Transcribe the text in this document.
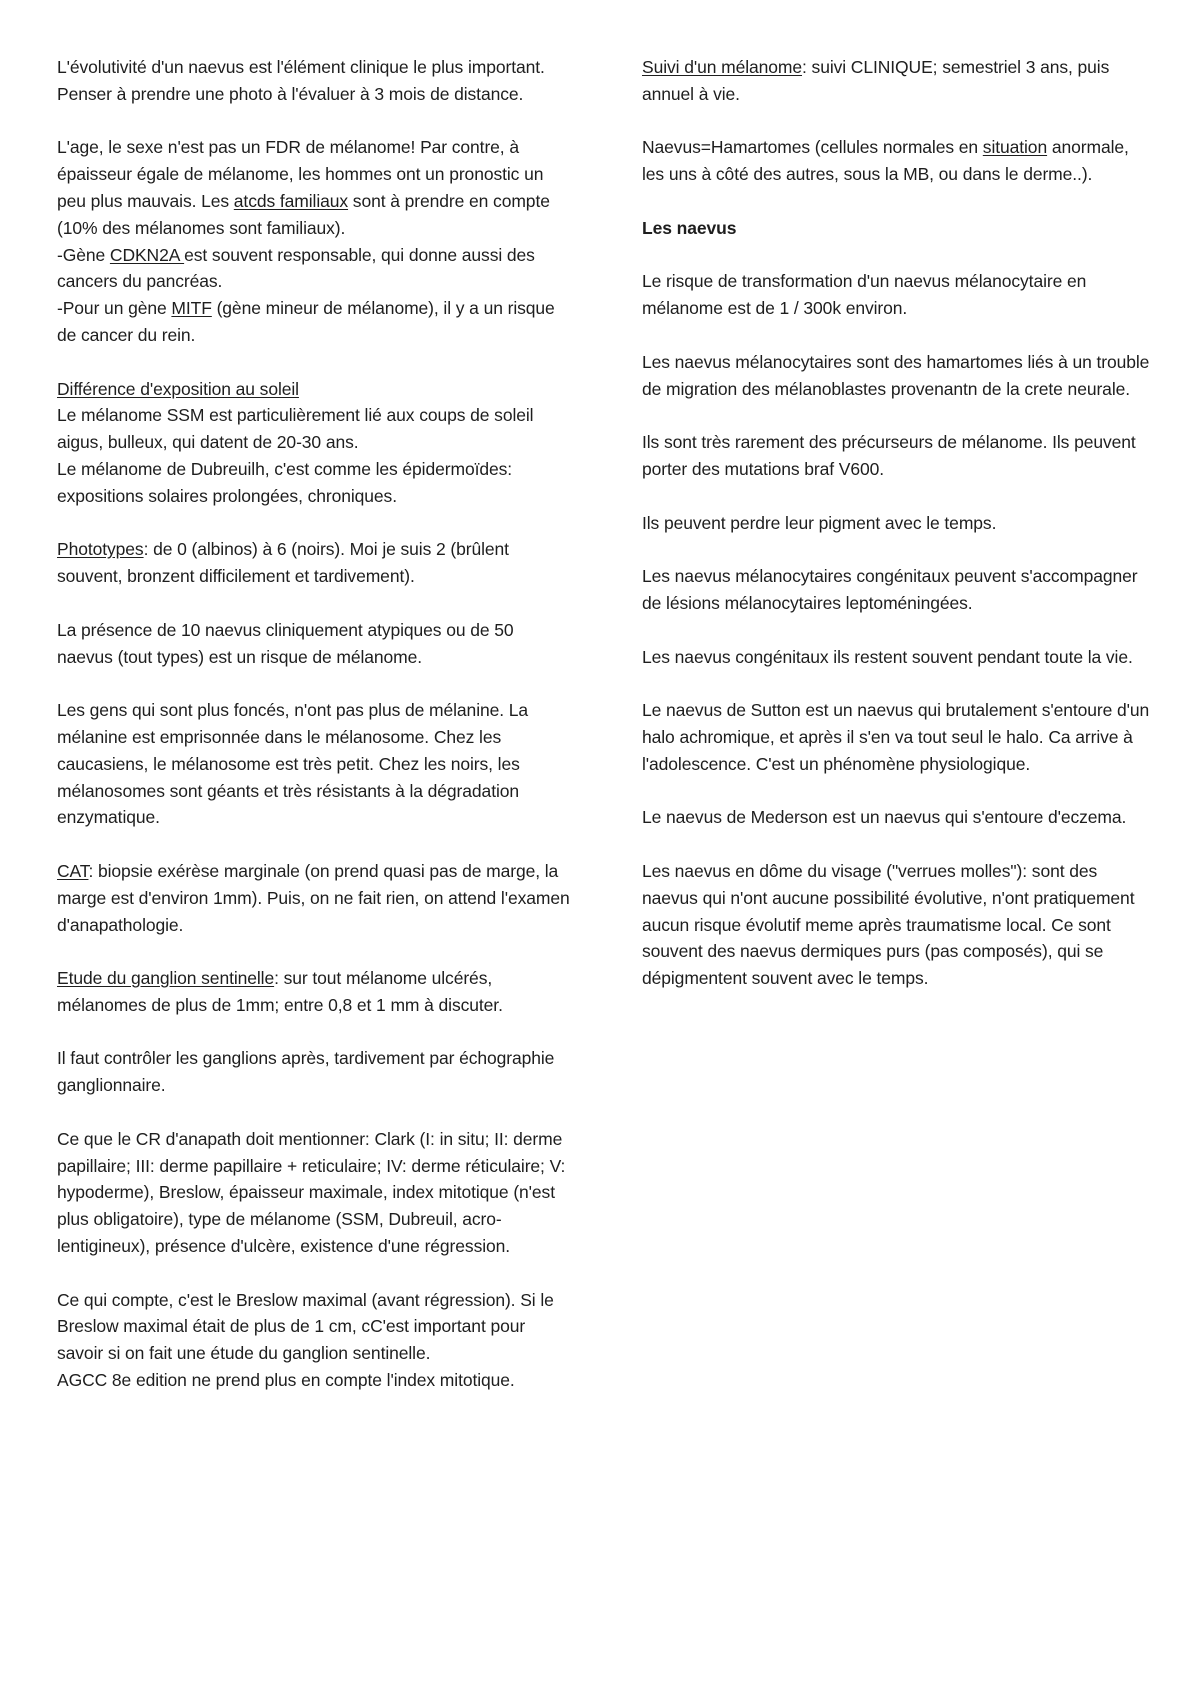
L'évolutivité d'un naevus est l'élément clinique le plus important. Penser à prendre une photo à l'évaluer à 3 mois de distance.

L'age, le sexe n'est pas un FDR de mélanome! Par contre, à épaisseur égale de mélanome, les hommes ont un pronostic un peu plus mauvais. Les atcds familiaux sont à prendre en compte (10% des mélanomes sont familiaux).
-Gène CDKN2A est souvent responsable, qui donne aussi des cancers du pancréas.
-Pour un gène MITF (gène mineur de mélanome), il y a un risque de cancer du rein.

Différence d'exposition au soleil
Le mélanome SSM est particulièrement lié aux coups de soleil aigus, bulleux, qui datent de 20-30 ans.
Le mélanome de Dubreuilh, c'est comme les épidermoïdes: expositions solaires prolongées, chroniques.

Phototypes: de 0 (albinos) à 6 (noirs). Moi je suis 2 (brûlent souvent, bronzent difficilement et tardivement).

La présence de 10 naevus cliniquement atypiques ou de 50 naevus (tout types) est un risque de mélanome.

Les gens qui sont plus foncés, n'ont pas plus de mélanine. La mélanine est emprisonnée dans le mélanosome. Chez les caucasiens, le mélanosome est très petit. Chez les noirs, les mélanosomes sont géants et très résistants à la dégradation enzymatique.

CAT: biopsie exérèse marginale (on prend quasi pas de marge, la marge est d'environ 1mm). Puis, on ne fait rien, on attend l'examen d'anapathologie.

Etude du ganglion sentinelle: sur tout mélanome ulcérés, mélanomes de plus de 1mm; entre 0,8 et 1 mm à discuter.

Il faut contrôler les ganglions après, tardivement par échographie ganglionnaire.

Ce que le CR d'anapath doit mentionner: Clark (I: in situ; II: derme papillaire; III: derme papillaire + reticulaire; IV: derme réticulaire; V: hypoderme), Breslow, épaisseur maximale, index mitotique (n'est plus obligatoire), type de mélanome (SSM, Dubreuil, acro-lentigineux), présence d'ulcère, existence d'une régression.

Ce qui compte, c'est le Breslow maximal (avant régression). Si le Breslow maximal était de plus de 1 cm, cC'est important pour savoir si on fait une étude du ganglion sentinelle.
AGCC 8e edition ne prend plus en compte l'index mitotique.

Suivi d'un mélanome: suivi CLINIQUE; semestriel 3 ans, puis annuel à vie.

Naevus=Hamartomes (cellules normales en situation anormale, les uns à côté des autres, sous la MB, ou dans le derme..).

Les naevus

Le risque de transformation d'un naevus mélanocytaire en mélanome est de 1 / 300k environ.

Les naevus mélanocytaires sont des hamartomes liés à un trouble de migration des mélanoblastes provenantn de la crete neurale.

Ils sont très rarement des précurseurs de mélanome. Ils peuvent porter des mutations braf V600.

Ils peuvent perdre leur pigment avec le temps.

Les naevus mélanocytaires congénitaux peuvent s'accompagner de lésions mélanocytaires leptoméningées.

Les naevus congénitaux ils restent souvent pendant toute la vie.

Le naevus de Sutton est un naevus qui brutalement s'entoure d'un halo achromique, et après il s'en va tout seul le halo. Ca arrive à l'adolescence. C'est un phénomène physiologique.

Le naevus de Mederson est un naevus qui s'entoure d'eczema.

Les naevus en dôme du visage ("verrues molles"): sont des naevus qui n'ont aucune possibilité évolutive, n'ont pratiquement aucun risque évolutif meme après traumatisme local. Ce sont souvent des naevus dermiques purs (pas composés), qui se dépigmentent souvent avec le temps.
